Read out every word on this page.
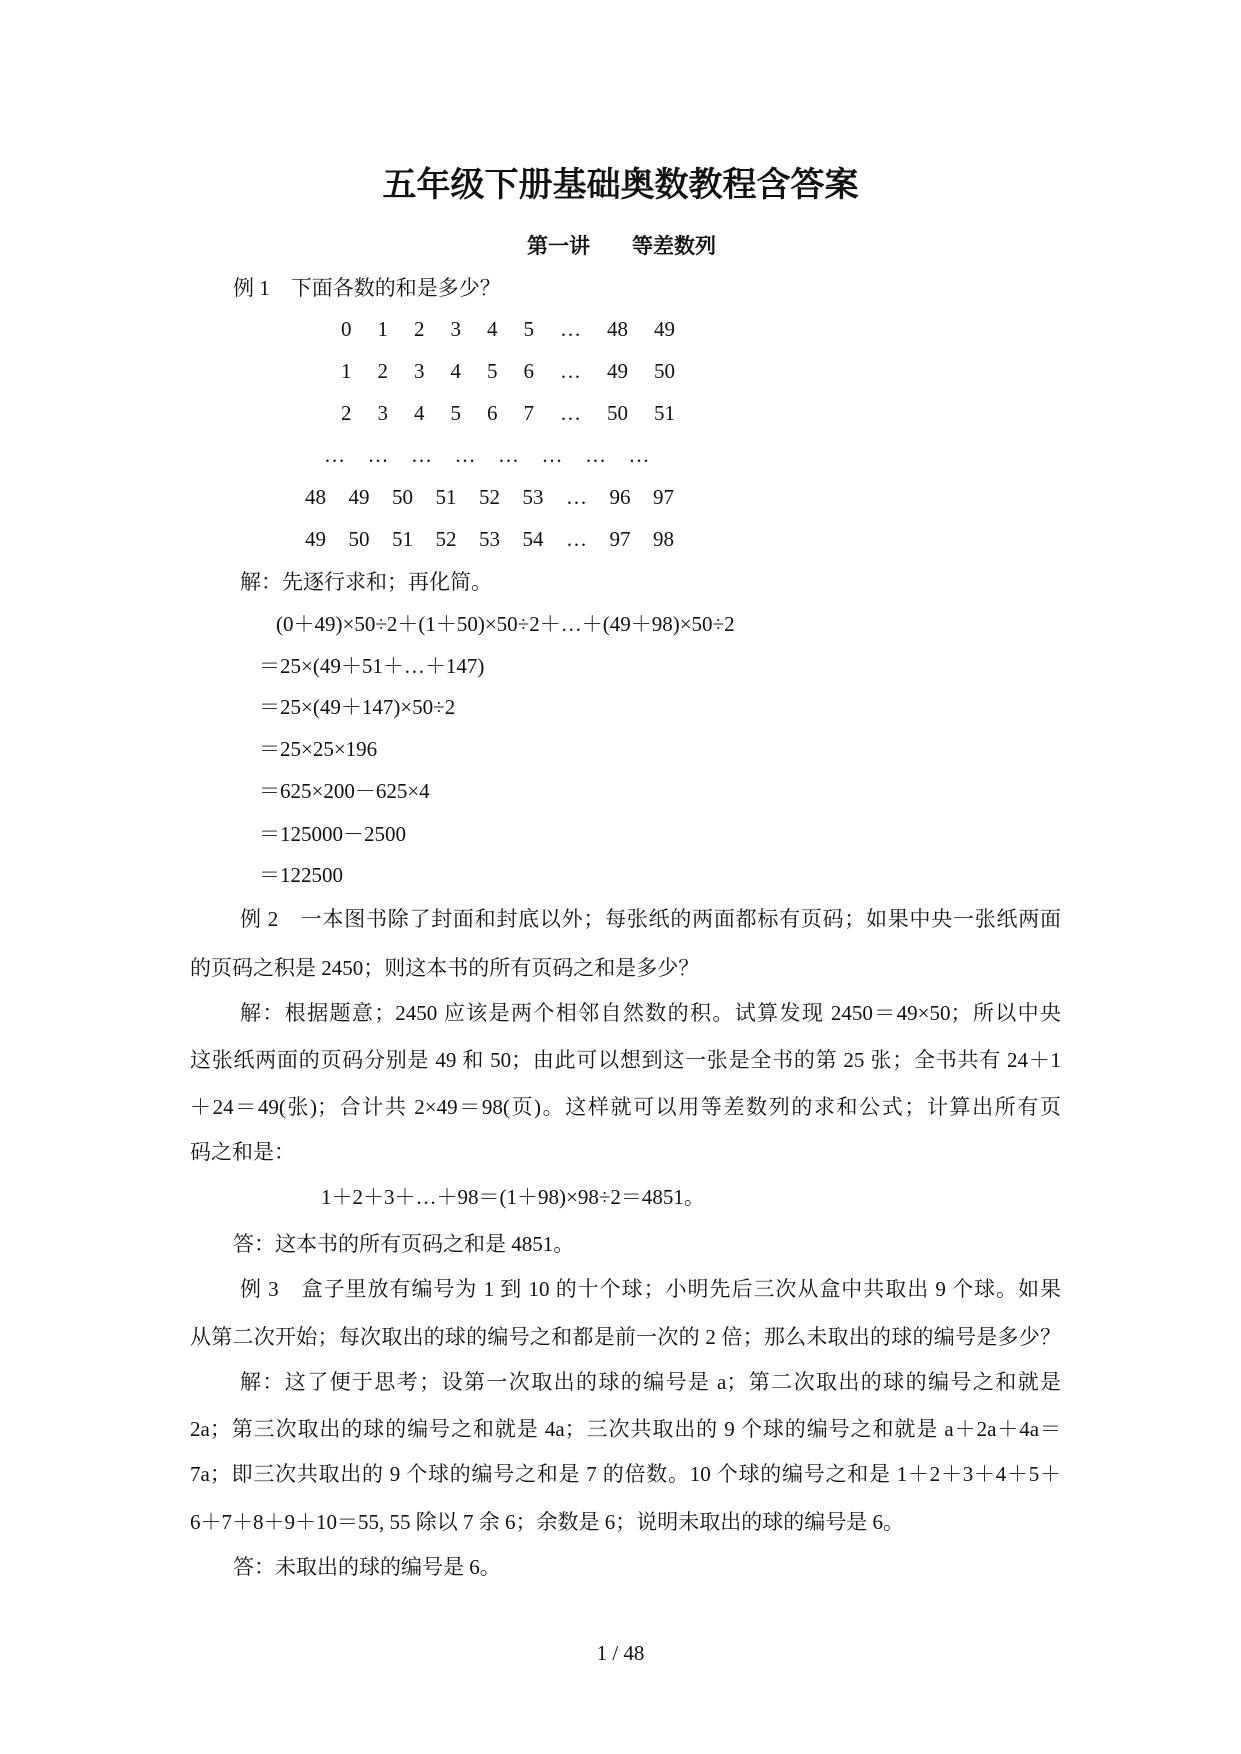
五年级下册基础奥数教程含答案
第一讲　　等差数列

例 1　下面各数的和是多少？

0 1 2 3 4 5 … 48 49
1 2 3 4 5 6 … 49 50
2 3 4 5 6 7 … 50 51
… … … … … … … …
48 49 50 51 52 53 … 96 97
49 50 51 52 53 54 … 97 98

解：先逐行求和；再化简。

(0＋49)×50÷2＋(1＋50)×50÷2＋…＋(49＋98)×50÷2

＝25×(49＋51＋…＋147)

＝25×(49＋147)×50÷2

＝25×25×196

＝625×200－625×4

＝125000－2500

＝122500

例 2　一本图书除了封面和封底以外；每张纸的两面都标有页码；如果中央一张纸两面

的页码之积是 2450；则这本书的所有页码之和是多少？

解：根据题意；2450 应该是两个相邻自然数的积。试算发现 2450＝49×50；所以中央

这张纸两面的页码分别是 49 和 50；由此可以想到这一张是全书的第 25 张；全书共有 24＋1

＋24＝49(张)；合计共 2×49＝98(页)。这样就可以用等差数列的求和公式；计算出所有页

码之和是：

1＋2＋3＋…＋98＝(1＋98)×98÷2＝4851。

答：这本书的所有页码之和是 4851。

例 3　盒子里放有编号为 1 到 10 的十个球；小明先后三次从盒中共取出 9 个球。如果

从第二次开始；每次取出的球的编号之和都是前一次的 2 倍；那么未取出的球的编号是多少？

解：这了便于思考；设第一次取出的球的编号是 a；第二次取出的球的编号之和就是

2a；第三次取出的球的编号之和就是 4a；三次共取出的 9 个球的编号之和就是 a＋2a＋4a＝

7a；即三次共取出的 9 个球的编号之和是 7 的倍数。10 个球的编号之和是 1＋2＋3＋4＋5＋

6＋7＋8＋9＋10＝55, 55 除以 7 余 6；余数是 6；说明未取出的球的编号是 6。

答：未取出的球的编号是 6。

1 / 48
